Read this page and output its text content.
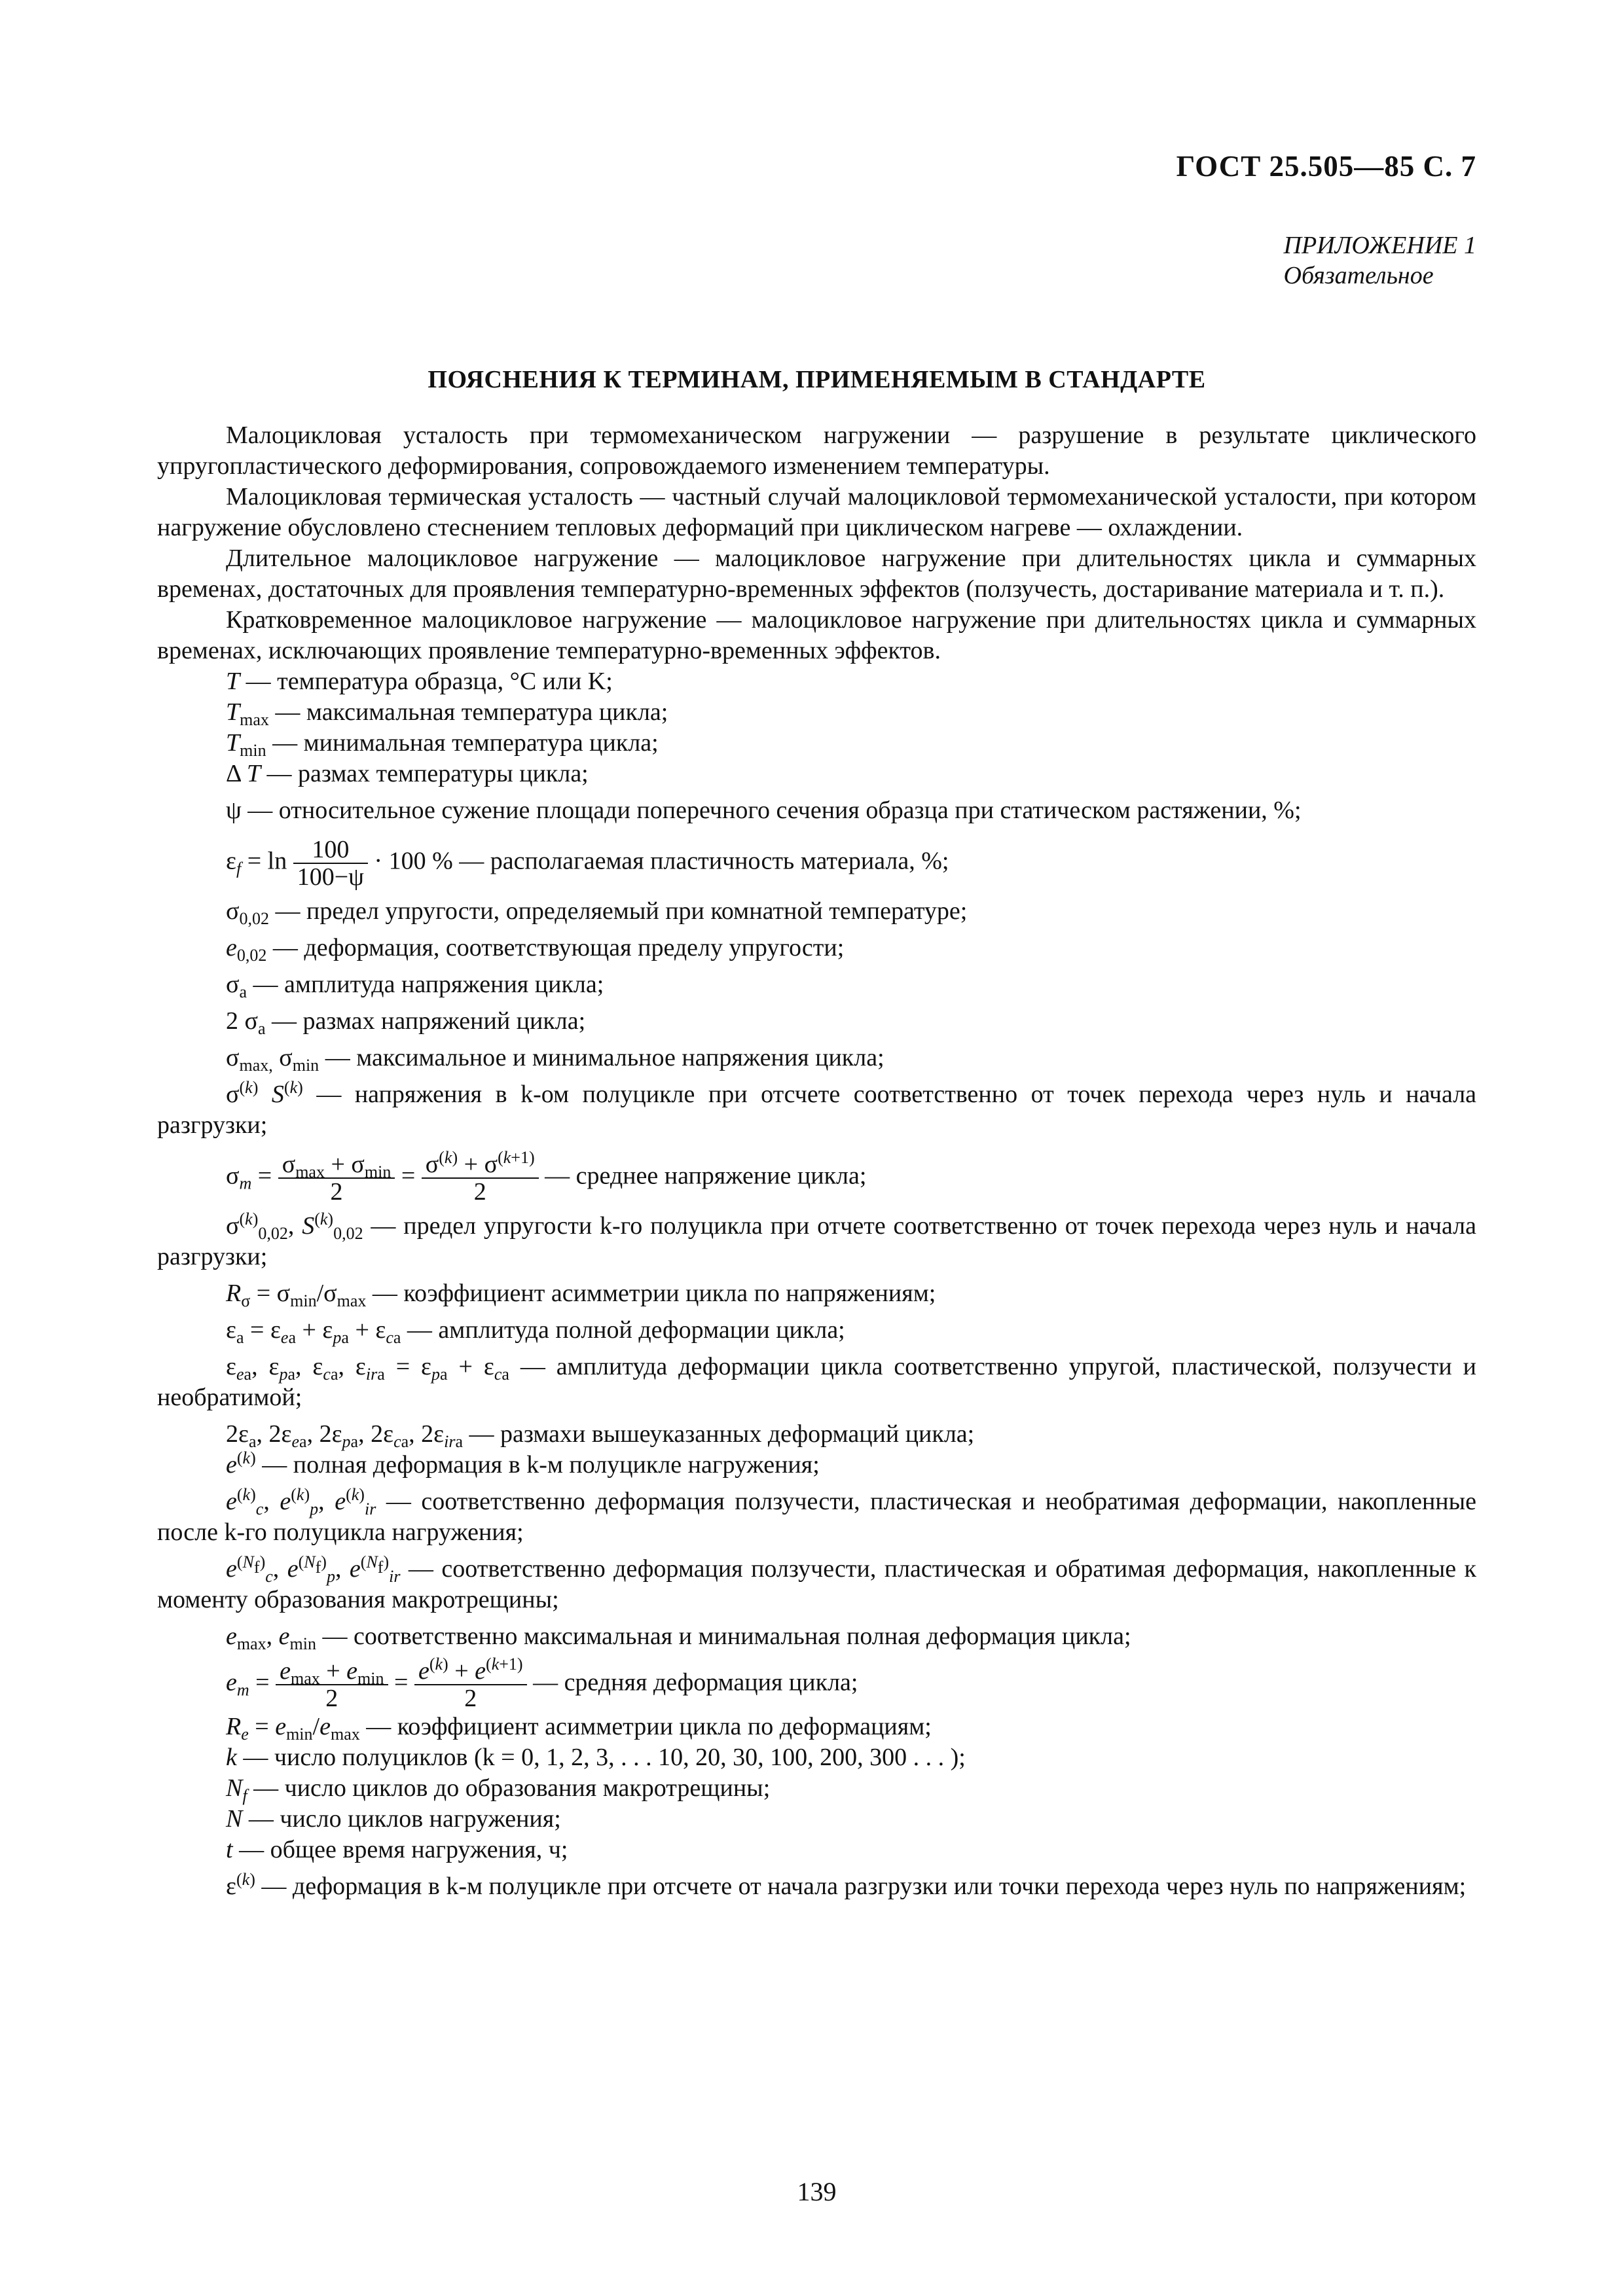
ГОСТ 25.505—85 С. 7
ПРИЛОЖЕНИЕ 1
Обязательное
ПОЯСНЕНИЯ К ТЕРМИНАМ, ПРИМЕНЯЕМЫМ В СТАНДАРТЕ

Малоцикловая усталость при термомеханическом нагружении — разрушение в результате циклического упругопластического деформирования, сопровождаемого изменением температуры.

Малоцикловая термическая усталость — частный случай малоцикловой термомеханической усталости, при котором нагружение обусловлено стеснением тепловых деформаций при циклическом нагреве — охлаждении.

Длительное малоцикловое нагружение — малоцикловое нагружение при длительностях цикла и суммарных временах, достаточных для проявления температурно-временных эффектов (ползучесть, достаривание материала и т. п.).

Кратковременное малоцикловое нагружение — малоцикловое нагружение при длительностях цикла и суммарных временах, исключающих проявление температурно-временных эффектов.

T — температура образца, °C или K;

$T_{max}$ — максимальная температура цикла;

$T_{min}$ — минимальная температура цикла;

Δ T — размах температуры цикла;

ψ — относительное сужение площади поперечного сечения образца при статическом растяжении, %;

$\varepsilon_f = \ln \frac{100}{100-\psi} \cdot 100$ % — располагаемая пластичность материала, %;

$\sigma_{0,02}$ — предел упругости, определяемый при комнатной температуре;

$e_{0,02}$ — деформация, соответствующая пределу упругости;

$\sigma_a$ — амплитуда напряжения цикла;

2 $\sigma_a$ — размах напряжений цикла;

$\sigma_{max,}$ $\sigma_{min}$ — максимальное и минимальное напряжения цикла;

$\sigma^{(k)}$ $S^{(k)}$ — напряжения в k-ом полуцикле при отсчете соответственно от точек перехода через нуль и начала разгрузки;

$\sigma_m = \frac{\sigma_{max} + \sigma_{min}}{2} = \frac{\sigma^{(k)} + \sigma^{(k+1)}}{2}$ — среднее напряжение цикла;

$\sigma^{(k)}_{0,02}$, $S^{(k)}_{0,02}$ — предел упругости k-го полуцикла при отчете соответственно от точек перехода через нуль и начала разгрузки;

$R_\sigma = \sigma_{min}/\sigma_{max}$ — коэффициент асимметрии цикла по напряжениям;

$\varepsilon_a = \varepsilon_{ea} + \varepsilon_{pa} + \varepsilon_{ca}$ — амплитуда полной деформации цикла;

$\varepsilon_{ea}$, $\varepsilon_{pa}$, $\varepsilon_{ca}$, $\varepsilon_{ira} = \varepsilon_{pa} + \varepsilon_{ca}$ — амплитуда деформации цикла соответственно упругой, пластической, ползучести и необратимой;

$2\varepsilon_a$, $2\varepsilon_{ea}$, $2\varepsilon_{pa}$, $2\varepsilon_{ca}$, $2\varepsilon_{ira}$ — размахи вышеуказанных деформаций цикла;

$e^{(k)}$ — полная деформация в k-м полуцикле нагружения;

$e^{(k)}_c$, $e^{(k)}_p$, $e^{(k)}_{ir}$ — соответственно деформация ползучести, пластическая и необратимая деформации, накопленные после k-го полуцикла нагружения;

$e^{(N_f)}_c$, $e^{(N_f)}_p$, $e^{(N_f)}_{ir}$ — соответственно деформация ползучести, пластическая и обратимая деформация, накопленные к моменту образования макротрещины;

$e_{max}$, $e_{min}$ — соответственно максимальная и минимальная полная деформация цикла;

$e_m = \frac{e_{max} + e_{min}}{2} = \frac{e^{(k)} + e^{(k+1)}}{2}$ — средняя деформация цикла;

$R_e = e_{min}/e_{max}$ — коэффициент асимметрии цикла по деформациям;

k — число полуциклов (k = 0, 1, 2, 3, . . . 10, 20, 30, 100, 200, 300 . . . );

$N_f$ — число циклов до образования макротрещины;

N — число циклов нагружения;

t — общее время нагружения, ч;

$\varepsilon^{(k)}$ — деформация в k-м полуцикле при отсчете от начала разгрузки или точки перехода через нуль по напряжениям;

139
